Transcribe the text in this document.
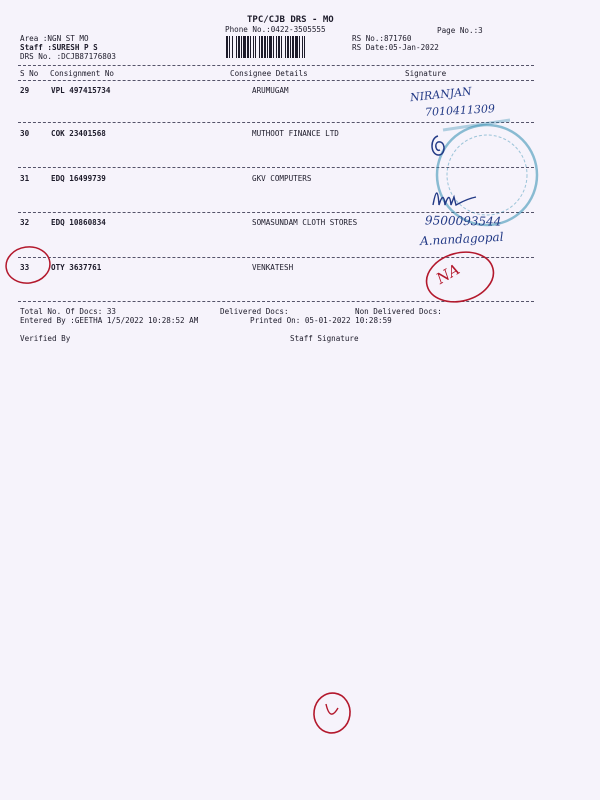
TPC/CJB DRS - MO
Phone No.:0422-3505555	Page No.:3
Area :NGN ST MO
Staff :SURESH P S
DRS No. :DCJB87176803
RS No.:871760
RS Date:05-Jan-2022
S No Consignment No	Consignee Details	Signature
29	VPL 497415734	ARUMUGAM
30	COK 23401568	MUTHOOT FINANCE LTD
31	EDQ 16499739	GKV COMPUTERS
32	EDQ 10860834	SOMASUNDAM CLOTH STORES
33	OTY 3637761	VENKATESH
Total No. Of Docs: 33	Delivered Docs:	Non Delivered Docs:
Entered By :GEETHA 1/5/2022 10:28:52 AM	Printed On: 05-01-2022 10:28:59
Verified By	Staff Signature
NIRANJAN
7010411309
9500093544
A.nandagopal
NA
